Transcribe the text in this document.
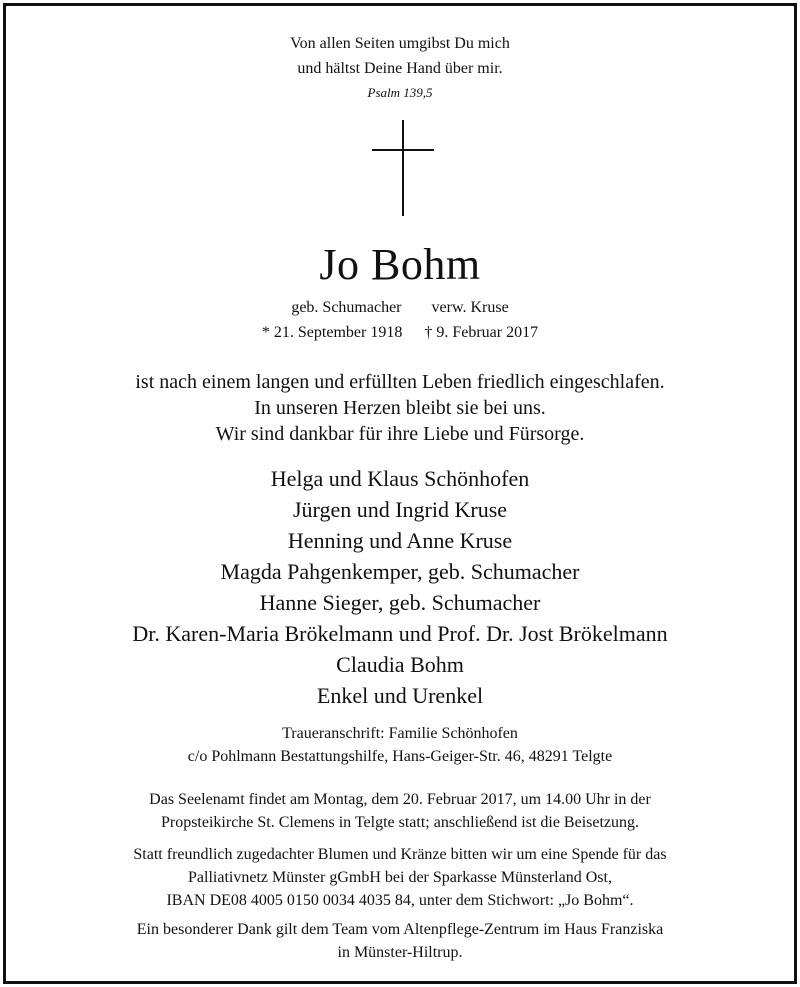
Von allen Seiten umgibst Du mich
und hältst Deine Hand über mir.
Psalm 139,5
Jo Bohm
geb. Schumacher verw. Kruse
* 21. September 1918 † 9. Februar 2017
ist nach einem langen und erfüllten Leben friedlich eingeschlafen.
In unseren Herzen bleibt sie bei uns.
Wir sind dankbar für ihre Liebe und Fürsorge.
Helga und Klaus Schönhofen
Jürgen und Ingrid Kruse
Henning und Anne Kruse
Magda Pahgenkemper, geb. Schumacher
Hanne Sieger, geb. Schumacher
Dr. Karen-Maria Brökelmann und Prof. Dr. Jost Brökelmann
Claudia Bohm
Enkel und Urenkel
Traueranschrift: Familie Schönhofen
c/o Pohlmann Bestattungshilfe, Hans-Geiger-Str. 46, 48291 Telgte
Das Seelenamt findet am Montag, dem 20. Februar 2017, um 14.00 Uhr in der
Propsteikirche St. Clemens in Telgte statt; anschließend ist die Beisetzung.
Statt freundlich zugedachter Blumen und Kränze bitten wir um eine Spende für das
Palliativnetz Münster gGmbH bei der Sparkasse Münsterland Ost,
IBAN DE08 4005 0150 0034 4035 84, unter dem Stichwort: „Jo Bohm“.
Ein besonderer Dank gilt dem Team vom Altenpflege-Zentrum im Haus Franziska
in Münster-Hiltrup.
